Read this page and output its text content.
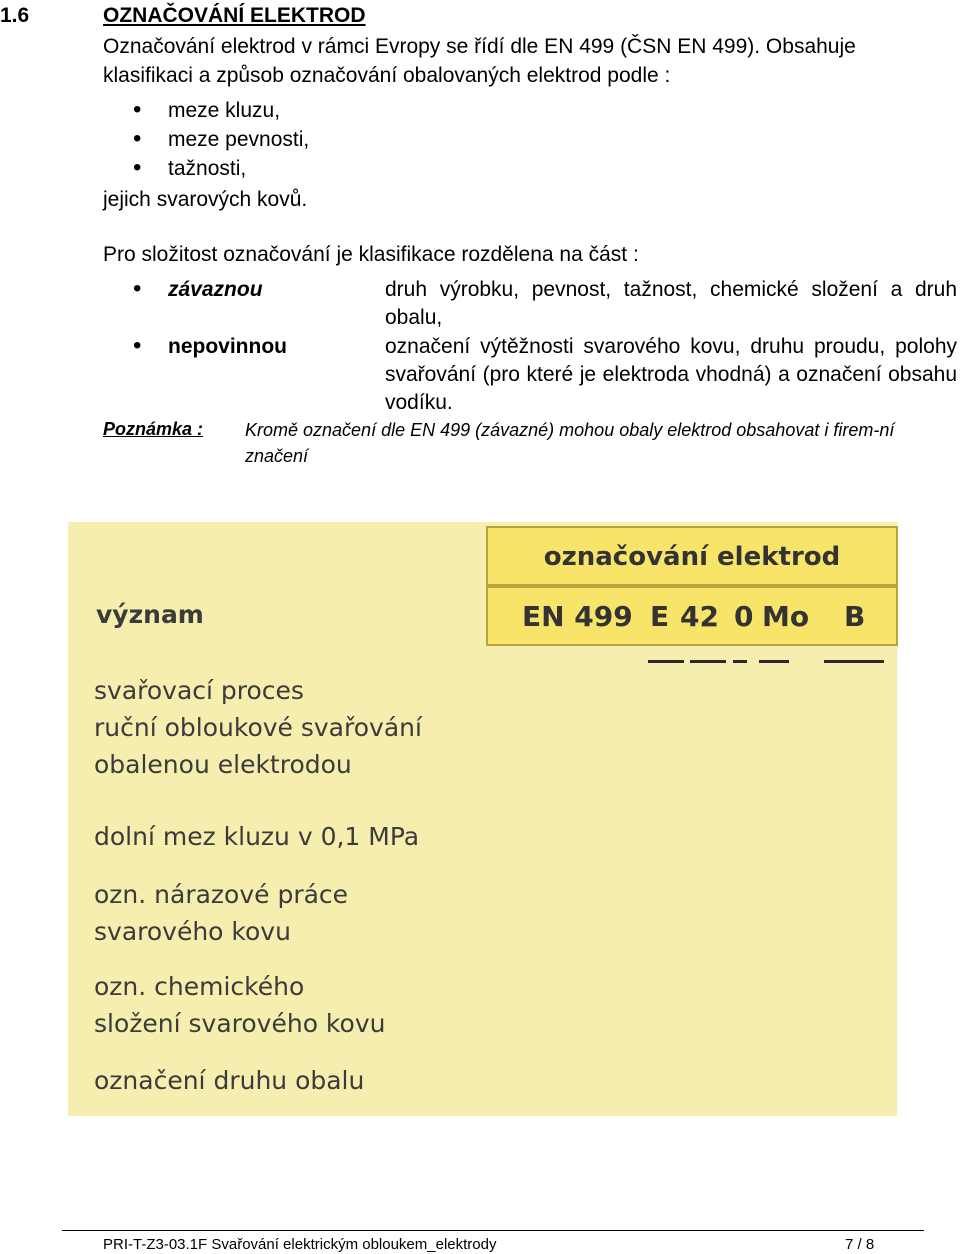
1.6	OZNAČOVÁNÍ ELEKTROD
Označování elektrod v rámci Evropy se řídí dle EN 499 (ČSN EN 499). Obsahuje
klasifikaci a způsob označování obalovaných elektrod podle :
• meze kluzu,
• meze pevnosti,
• tažnosti,
jejich svarových kovů.
Pro složitost označování je klasifikace rozdělena na část :
• závaznou	druh výrobku, pevnost, tažnost, chemické složení a druh obalu,
• nepovinnou	označení výtěžnosti svarového kovu, druhu proudu, polohy svařování (pro které je elektroda vhodná) a označení obsahu vodíku.
Poznámka : Kromě označení dle EN 499 (závazné) mohou obaly elektrod obsahovat i firem-ní značení
označování elektrod
EN 499 E 42 0 Mo B
význam
svařovací proces
ruční obloukové svařování
obalenou elektrodou
dolní mez kluzu v 0,1 MPa
ozn. nárazové práce
svarového kovu
ozn. chemického
složení svarového kovu
označení druhu obalu
PRI-T-Z3-03.1F Svařování elektrickým obloukem_elektrody	7 / 8
